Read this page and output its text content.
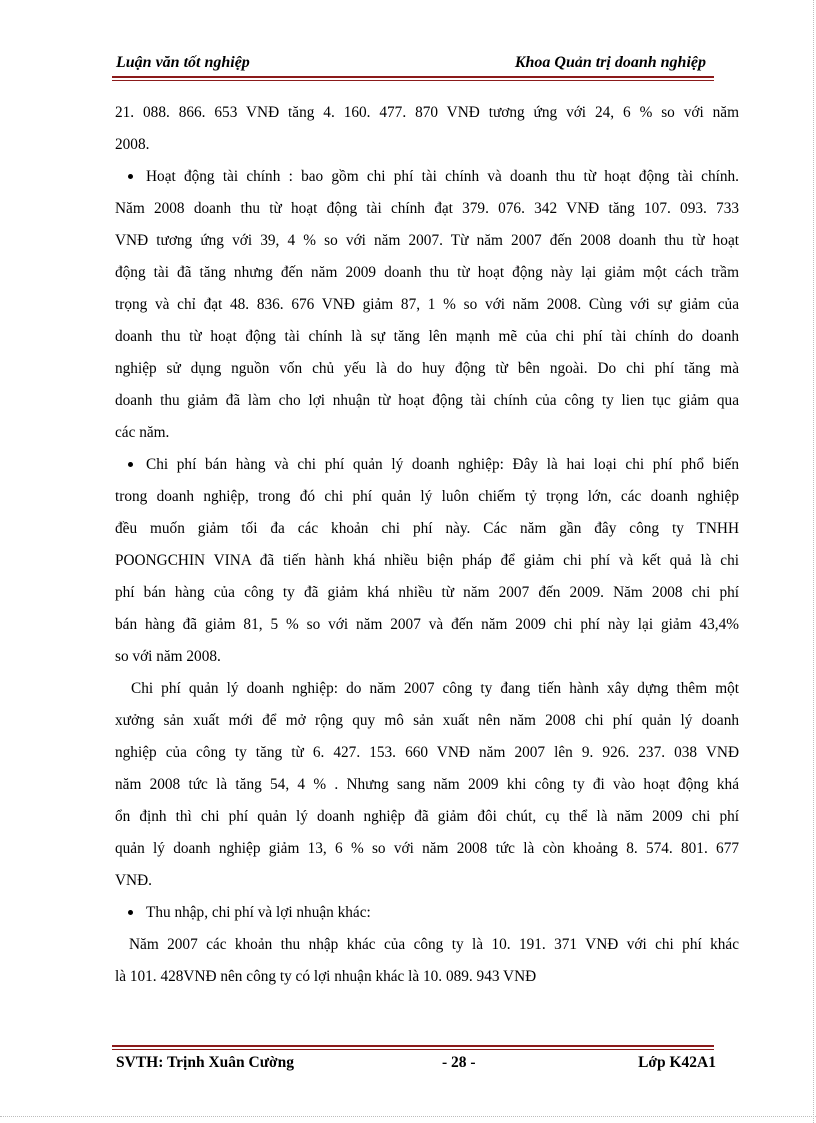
Luận văn tốt nghiệp	Khoa Quản trị doanh nghiệp
21. 088. 866. 653 VNĐ tăng 4. 160. 477. 870 VNĐ tương ứng với 24, 6 % so với năm
2008.
Hoạt động tài chính : bao gồm chi phí tài chính và doanh thu từ hoạt động tài chính.
Năm 2008 doanh thu từ hoạt động tài chính đạt 379. 076. 342 VNĐ tăng 107. 093. 733
VNĐ tương ứng với 39, 4 % so với năm 2007. Từ năm 2007 đến 2008 doanh thu từ hoạt
động tài đã tăng nhưng đến năm 2009 doanh thu từ hoạt động này lại giảm một cách trầm
trọng và chỉ đạt 48. 836. 676 VNĐ giảm 87, 1 % so với năm 2008. Cùng với sự giảm của
doanh thu từ hoạt động tài chính là sự tăng lên mạnh mẽ của chi phí tài chính do doanh
nghiệp sử dụng nguồn vốn chủ yếu là do huy động từ bên ngoài. Do chi phí tăng mà
doanh thu giảm đã làm cho lợi nhuận từ hoạt động tài chính của công ty lien tục giảm qua
các năm.
Chi phí bán hàng và chi phí quản lý doanh nghiệp: Đây là hai loại chi phí phổ biến
trong doanh nghiệp, trong đó chi phí quản lý luôn chiếm tỷ trọng lớn, các doanh nghiệp
đều muốn giảm tối đa các khoản chi phí này. Các năm gần đây công ty TNHH
POONGCHIN VINA đã tiến hành khá nhiều biện pháp để giảm chi phí và kết quả là chi
phí bán hàng của công ty đã giảm khá nhiều từ năm 2007 đến 2009. Năm 2008 chi phí
bán hàng đã giảm 81, 5 % so với năm 2007 và đến năm 2009 chi phí này lại giảm 43,4%
so với năm 2008.
Chi phí quản lý doanh nghiệp: do năm 2007 công ty đang tiến hành xây dựng thêm một
xưởng sản xuất mới để mở rộng quy mô sản xuất nên năm 2008 chi phí quản lý doanh
nghiệp của công ty tăng từ 6. 427. 153. 660 VNĐ năm 2007 lên 9. 926. 237. 038 VNĐ
năm 2008 tức là tăng 54, 4 % . Nhưng sang năm 2009 khi công ty đi vào hoạt động khá
ổn định thì chi phí quản lý doanh nghiệp đã giảm đôi chút, cụ thể là năm 2009 chi phí
quản lý doanh nghiệp giảm 13, 6 % so với năm 2008 tức là còn khoảng 8. 574. 801. 677
VNĐ.
Thu nhập, chi phí và lợi nhuận khác:
Năm 2007 các khoản thu nhập khác của công ty là 10. 191. 371 VNĐ với chi phí khác
là 101. 428VNĐ nên công ty có lợi nhuận khác là 10. 089. 943 VNĐ
SVTH: Trịnh Xuân Cường	- 28 -	Lớp K42A1
